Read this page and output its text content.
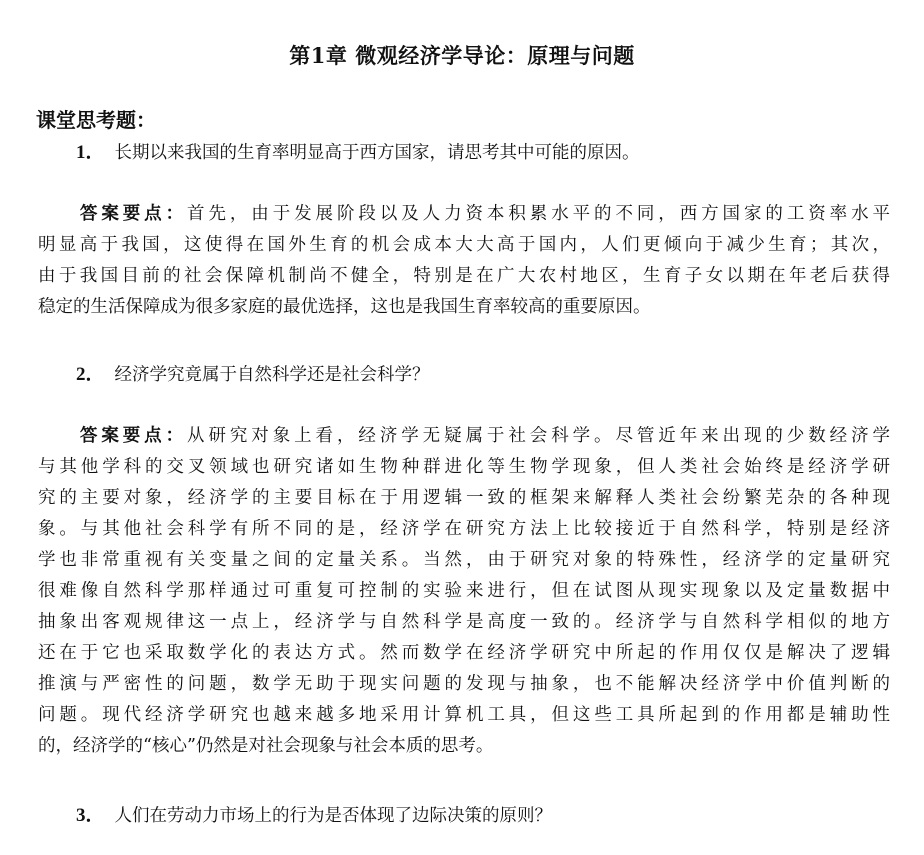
第1章 微观经济学导论：原理与问题
课堂思考题：
1． 长期以来我国的生育率明显高于西方国家，请思考其中可能的原因。
答案要点：首先，由于发展阶段以及人力资本积累水平的不同，西方国家的工资率水平
明显高于我国，这使得在国外生育的机会成本大大高于国内，人们更倾向于减少生育；其次，
由于我国目前的社会保障机制尚不健全，特别是在广大农村地区，生育子女以期在年老后获得
稳定的生活保障成为很多家庭的最优选择，这也是我国生育率较高的重要原因。
2． 经济学究竟属于自然科学还是社会科学？
答案要点：从研究对象上看，经济学无疑属于社会科学。尽管近年来出现的少数经济学
与其他学科的交叉领域也研究诸如生物种群进化等生物学现象，但人类社会始终是经济学研
究的主要对象，经济学的主要目标在于用逻辑一致的框架来解释人类社会纷繁芜杂的各种现
象。与其他社会科学有所不同的是，经济学在研究方法上比较接近于自然科学，特别是经济
学也非常重视有关变量之间的定量关系。当然，由于研究对象的特殊性，经济学的定量研究
很难像自然科学那样通过可重复可控制的实验来进行，但在试图从现实现象以及定量数据中
抽象出客观规律这一点上，经济学与自然科学是高度一致的。经济学与自然科学相似的地方
还在于它也采取数学化的表达方式。然而数学在经济学研究中所起的作用仅仅是解决了逻辑
推演与严密性的问题，数学无助于现实问题的发现与抽象，也不能解决经济学中价值判断的
问题。现代经济学研究也越来越多地采用计算机工具，但这些工具所起到的作用都是辅助性
的，经济学的“核心”仍然是对社会现象与社会本质的思考。
3． 人们在劳动力市场上的行为是否体现了边际决策的原则？
